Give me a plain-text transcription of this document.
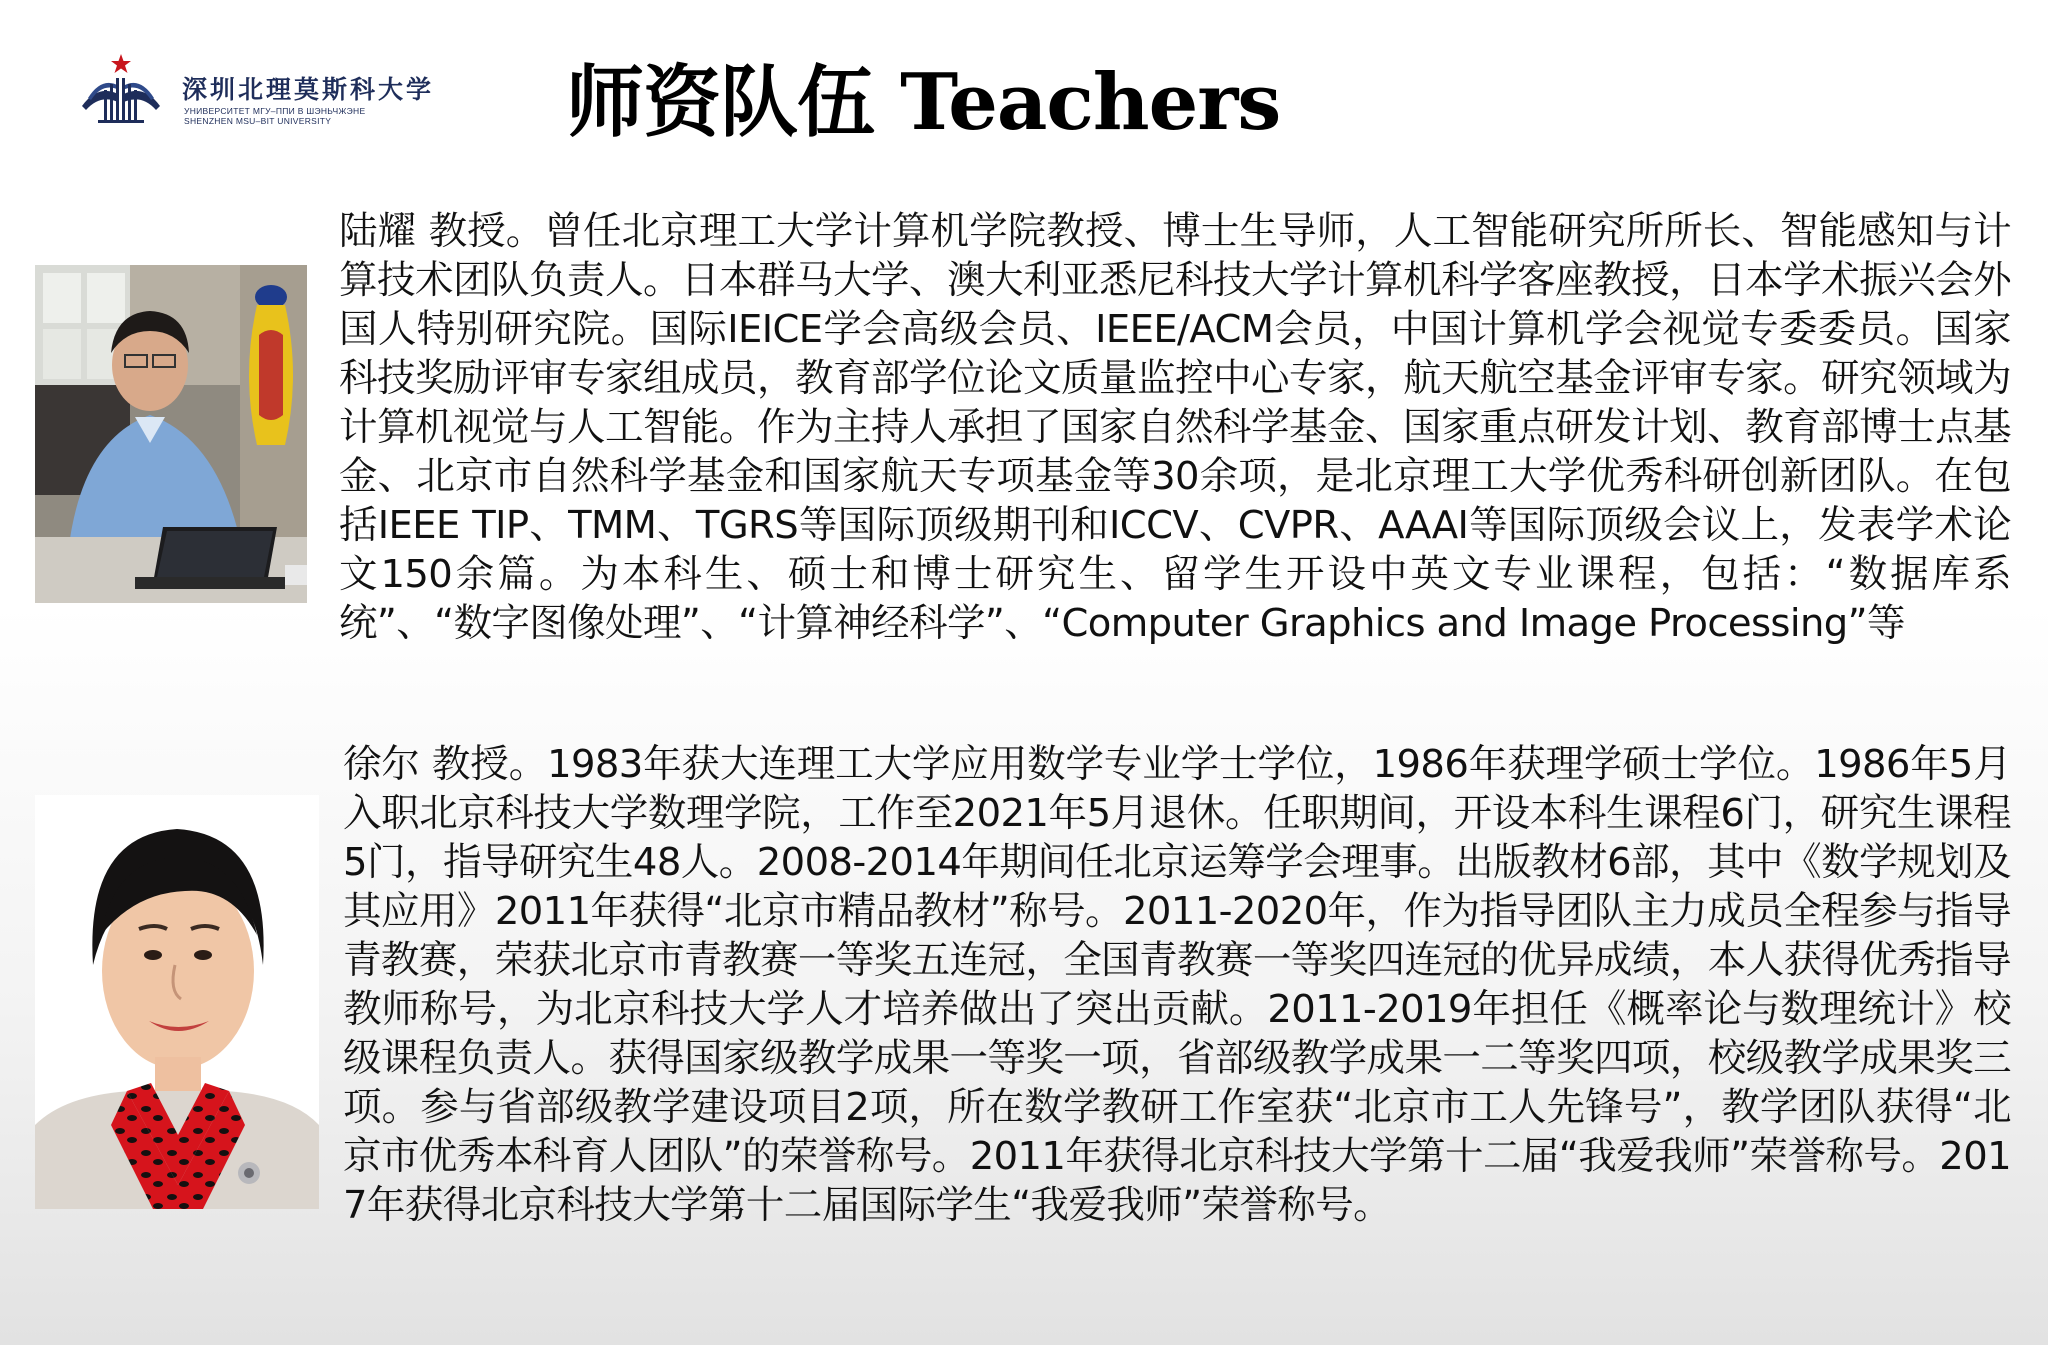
深圳北理莫斯科大学
УНИВЕРСИТЕТ МГУ–ППИ В ШЭНЬЧЖЭНЕ
SHENZHEN MSU–BIT UNIVERSITY	师资队伍 Teachers

陆耀 教授。曾任北京理工大学计算机学院教授、博士生导师，人工智能研究所所长、智能感知与计算技术团队负责人。日本群马大学、澳大利亚悉尼科技大学计算机科学客座教授，日本学术振兴会外国人特别研究院。国际IEICE学会高级会员、IEEE/ACM会员，中国计算机学会视觉专委委员。国家科技奖励评审专家组成员，教育部学位论文质量监控中心专家，航天航空基金评审专家。研究领域为计算机视觉与人工智能。作为主持人承担了国家自然科学基金、国家重点研发计划、教育部博士点基金、北京市自然科学基金和国家航天专项基金等30余项，是北京理工大学优秀科研创新团队。在包括IEEE TIP、TMM、TGRS等国际顶级期刊和ICCV、CVPR、AAAI等国际顶级会议上，发表学术论文150余篇。为本科生、硕士和博士研究生、留学生开设中英文专业课程，包括：“数据库系统”、“数字图像处理”、“计算神经科学”、“Computer Graphics and Image Processing”等

徐尔 教授。1983年获大连理工大学应用数学专业学士学位，1986年获理学硕士学位。1986年5月入职北京科技大学数理学院，工作至2021年5月退休。任职期间，开设本科生课程6门，研究生课程5门，指导研究生48人。2008-2014年期间任北京运筹学会理事。出版教材6部，其中《数学规划及其应用》2011年获得“北京市精品教材”称号。2011-2020年，作为指导团队主力成员全程参与指导青教赛，荣获北京市青教赛一等奖五连冠，全国青教赛一等奖四连冠的优异成绩，本人获得优秀指导教师称号，为北京科技大学人才培养做出了突出贡献。2011-2019年担任《概率论与数理统计》校级课程负责人。获得国家级教学成果一等奖一项，省部级教学成果一二等奖四项，校级教学成果奖三项。参与省部级教学建设项目2项，所在数学教研工作室获“北京市工人先锋号”，教学团队获得“北京市优秀本科育人团队”的荣誉称号。2011年获得北京科技大学第十二届“我爱我师”荣誉称号。2017年获得北京科技大学第十二届国际学生“我爱我师”荣誉称号。
